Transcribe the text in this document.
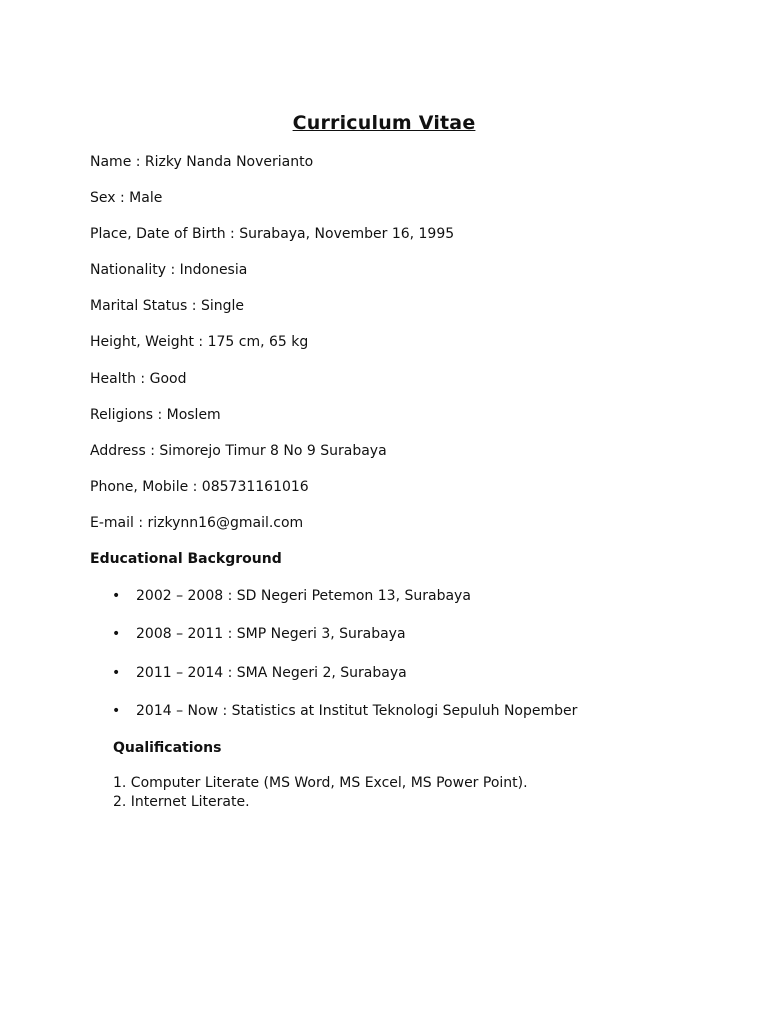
Curriculum Vitae
Name : Rizky Nanda Noverianto
Sex : Male
Place, Date of Birth : Surabaya, November 16, 1995
Nationality : Indonesia
Marital Status : Single
Height, Weight : 175 cm, 65 kg
Health : Good
Religions : Moslem
Address : Simorejo Timur 8 No 9 Surabaya
Phone, Mobile : 085731161016
E-mail : rizkynn16@gmail.com
Educational Background
• 2002 – 2008 : SD Negeri Petemon 13, Surabaya
• 2008 – 2011 : SMP Negeri 3, Surabaya
• 2011 – 2014 : SMA Negeri 2, Surabaya
• 2014 – Now : Statistics at Institut Teknologi Sepuluh Nopember
Qualifications
1. Computer Literate (MS Word, MS Excel, MS Power Point).
2. Internet Literate.
